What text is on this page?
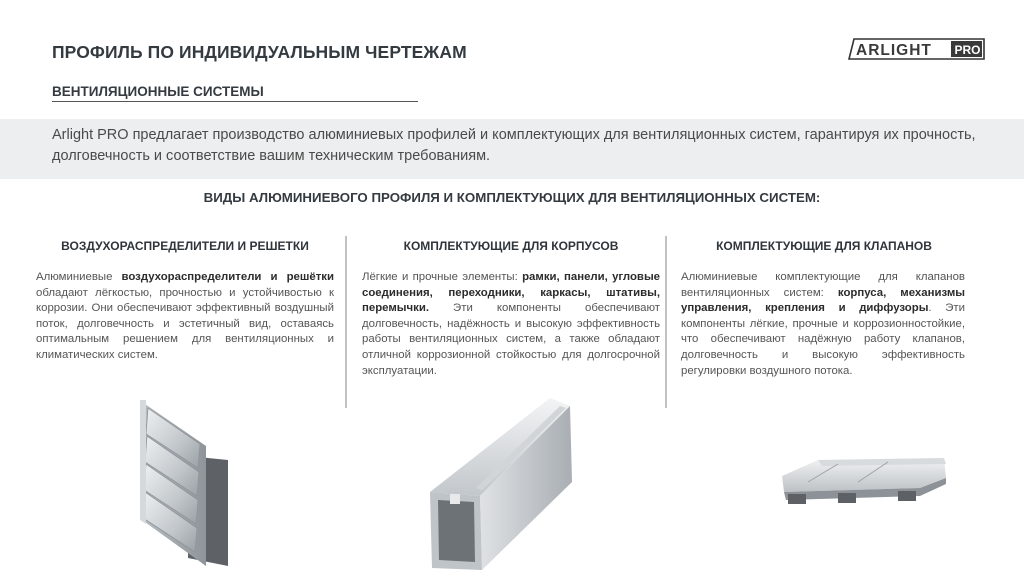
ПРОФИЛЬ ПО ИНДИВИДУАЛЬНЫМ ЧЕРТЕЖАМ	ARLIGHT PRO
ВЕНТИЛЯЦИОННЫЕ СИСТЕМЫ

Arlight PRO предлагает производство алюминиевых профилей и комплектующих для вентиляционных систем, гарантируя их прочность, долговечность и соответствие вашим техническим требованиям.

ВИДЫ АЛЮМИНИЕВОГО ПРОФИЛЯ И КОМПЛЕКТУЮЩИХ ДЛЯ ВЕНТИЛЯЦИОННЫХ СИСТЕМ:
ВОЗДУХОРАСПРЕДЕЛИТЕЛИ И РЕШЕТКИ
Алюминиевые воздухораспределители и решётки обладают лёгкостью, прочностью и устойчивостью к коррозии. Они обеспечивают эффективный воздушный поток, долговечность и эстетичный вид, оставаясь оптимальным решением для вентиляционных и климатических систем.
КОМПЛЕКТУЮЩИЕ ДЛЯ КОРПУСОВ
Лёгкие и прочные элементы: рамки, панели, угловые соединения, переходники, каркасы, штативы, перемычки. Эти компоненты обеспечивают долговечность, надёжность и высокую эффективность работы вентиляционных систем, а также обладают отличной коррозионной стойкостью для долгосрочной эксплуатации.
КОМПЛЕКТУЮЩИЕ ДЛЯ КЛАПАНОВ
Алюминиевые комплектующие для клапанов вентиляционных систем: корпуса, механизмы управления, крепления и диффузоры. Эти компоненты лёгкие, прочные и коррозионностойкие, что обеспечивают надёжную работу клапанов, долговечность и высокую эффективность регулировки воздушного потока.
